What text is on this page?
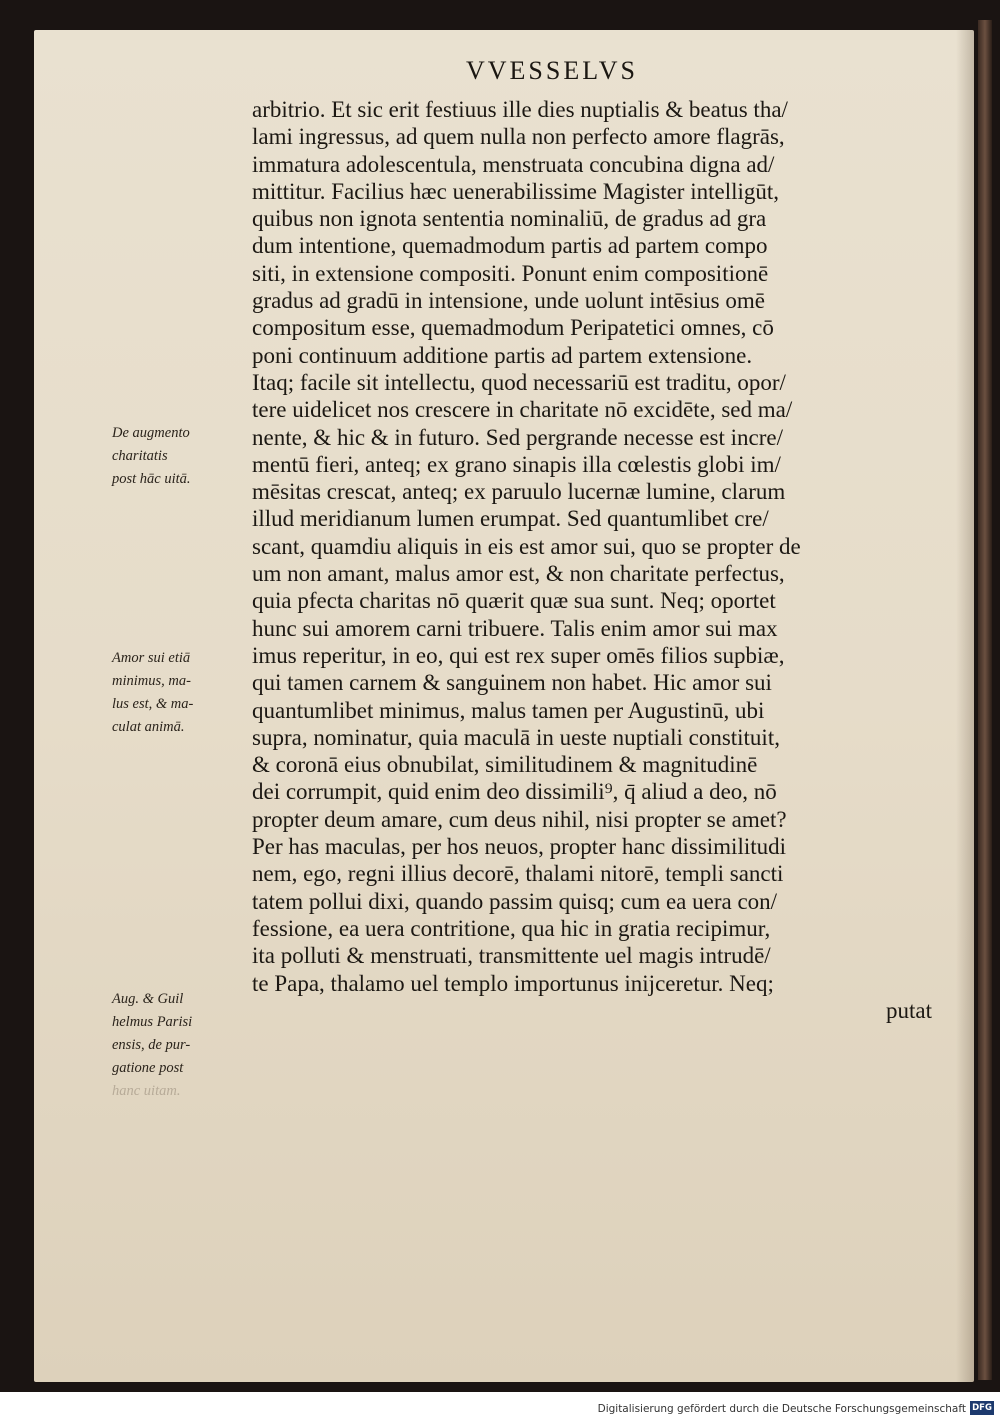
VVESSELVS
arbitrio. Et sic erit festiuus ille dies nuptialis & beatus tha/
lami ingressus, ad quem nulla non perfecto amore flagrās,
immatura adolescentula, menstruata concubina digna ad/
mittitur. Facilius hæc uenerabilissime Magister intelligūt,
quibus non ignota sententia nominaliū, de gradus ad gra
dum intentione, quemadmodum partis ad partem compo
siti, in extensione compositi. Ponunt enim compositionē
gradus ad gradū in intensione, unde uolunt intēsius omē
compositum esse, quemadmodum Peripatetici omnes, cō
poni continuum additione partis ad partem extensione.
Itaq; facile sit intellectu, quod necessariū est traditu, opor/
tere uidelicet nos crescere in charitate nō excidēte, sed ma/
nente, & hic & in futuro. Sed pergrande necesse est incre/
mentū fieri, anteq; ex grano sinapis illa cœlestis globi im/
mēsitas crescat, anteq; ex paruulo lucernæ lumine, clarum
illud meridianum lumen erumpat. Sed quantumlibet cre/
scant, quamdiu aliquis in eis est amor sui, quo se propter de
um non amant, malus amor est, & non charitate perfectus,
quia pfecta charitas nō quærit quæ sua sunt. Neq; oportet
hunc sui amorem carni tribuere. Talis enim amor sui max
imus reperitur, in eo, qui est rex super omēs filios supbiæ,
qui tamen carnem & sanguinem non habet. Hic amor sui
quantumlibet minimus, malus tamen per Augustinū, ubi
supra, nominatur, quia maculā in ueste nuptiali constituit,
& coronā eius obnubilat, similitudinem & magnitudinē
dei corrumpit, quid enim deo dissimili⁹, q̄ aliud a deo, nō
propter deum amare, cum deus nihil, nisi propter se amet?
Per has maculas, per hos neuos, propter hanc dissimilitudi
nem, ego, regni illius decorē, thalami nitorē, templi sancti
tatem pollui dixi, quando passim quisq; cum ea uera con/
fessione, ea uera contritione, qua hic in gratia recipimur,
ita polluti & menstruati, transmittente uel magis intrudē/
te Papa, thalamo uel templo importunus inijceretur. Neq;
putat
De augmento
charitatis
post hāc uitā.
Amor sui etiā
minimus, ma-
lus est, & ma-
culat animā.
Aug. & Guil
helmus Parisi
ensis, de pur-
gatione post
hanc uitam.
Digitalisierung gefördert durch die Deutsche Forschungsgemeinschaft DFG
